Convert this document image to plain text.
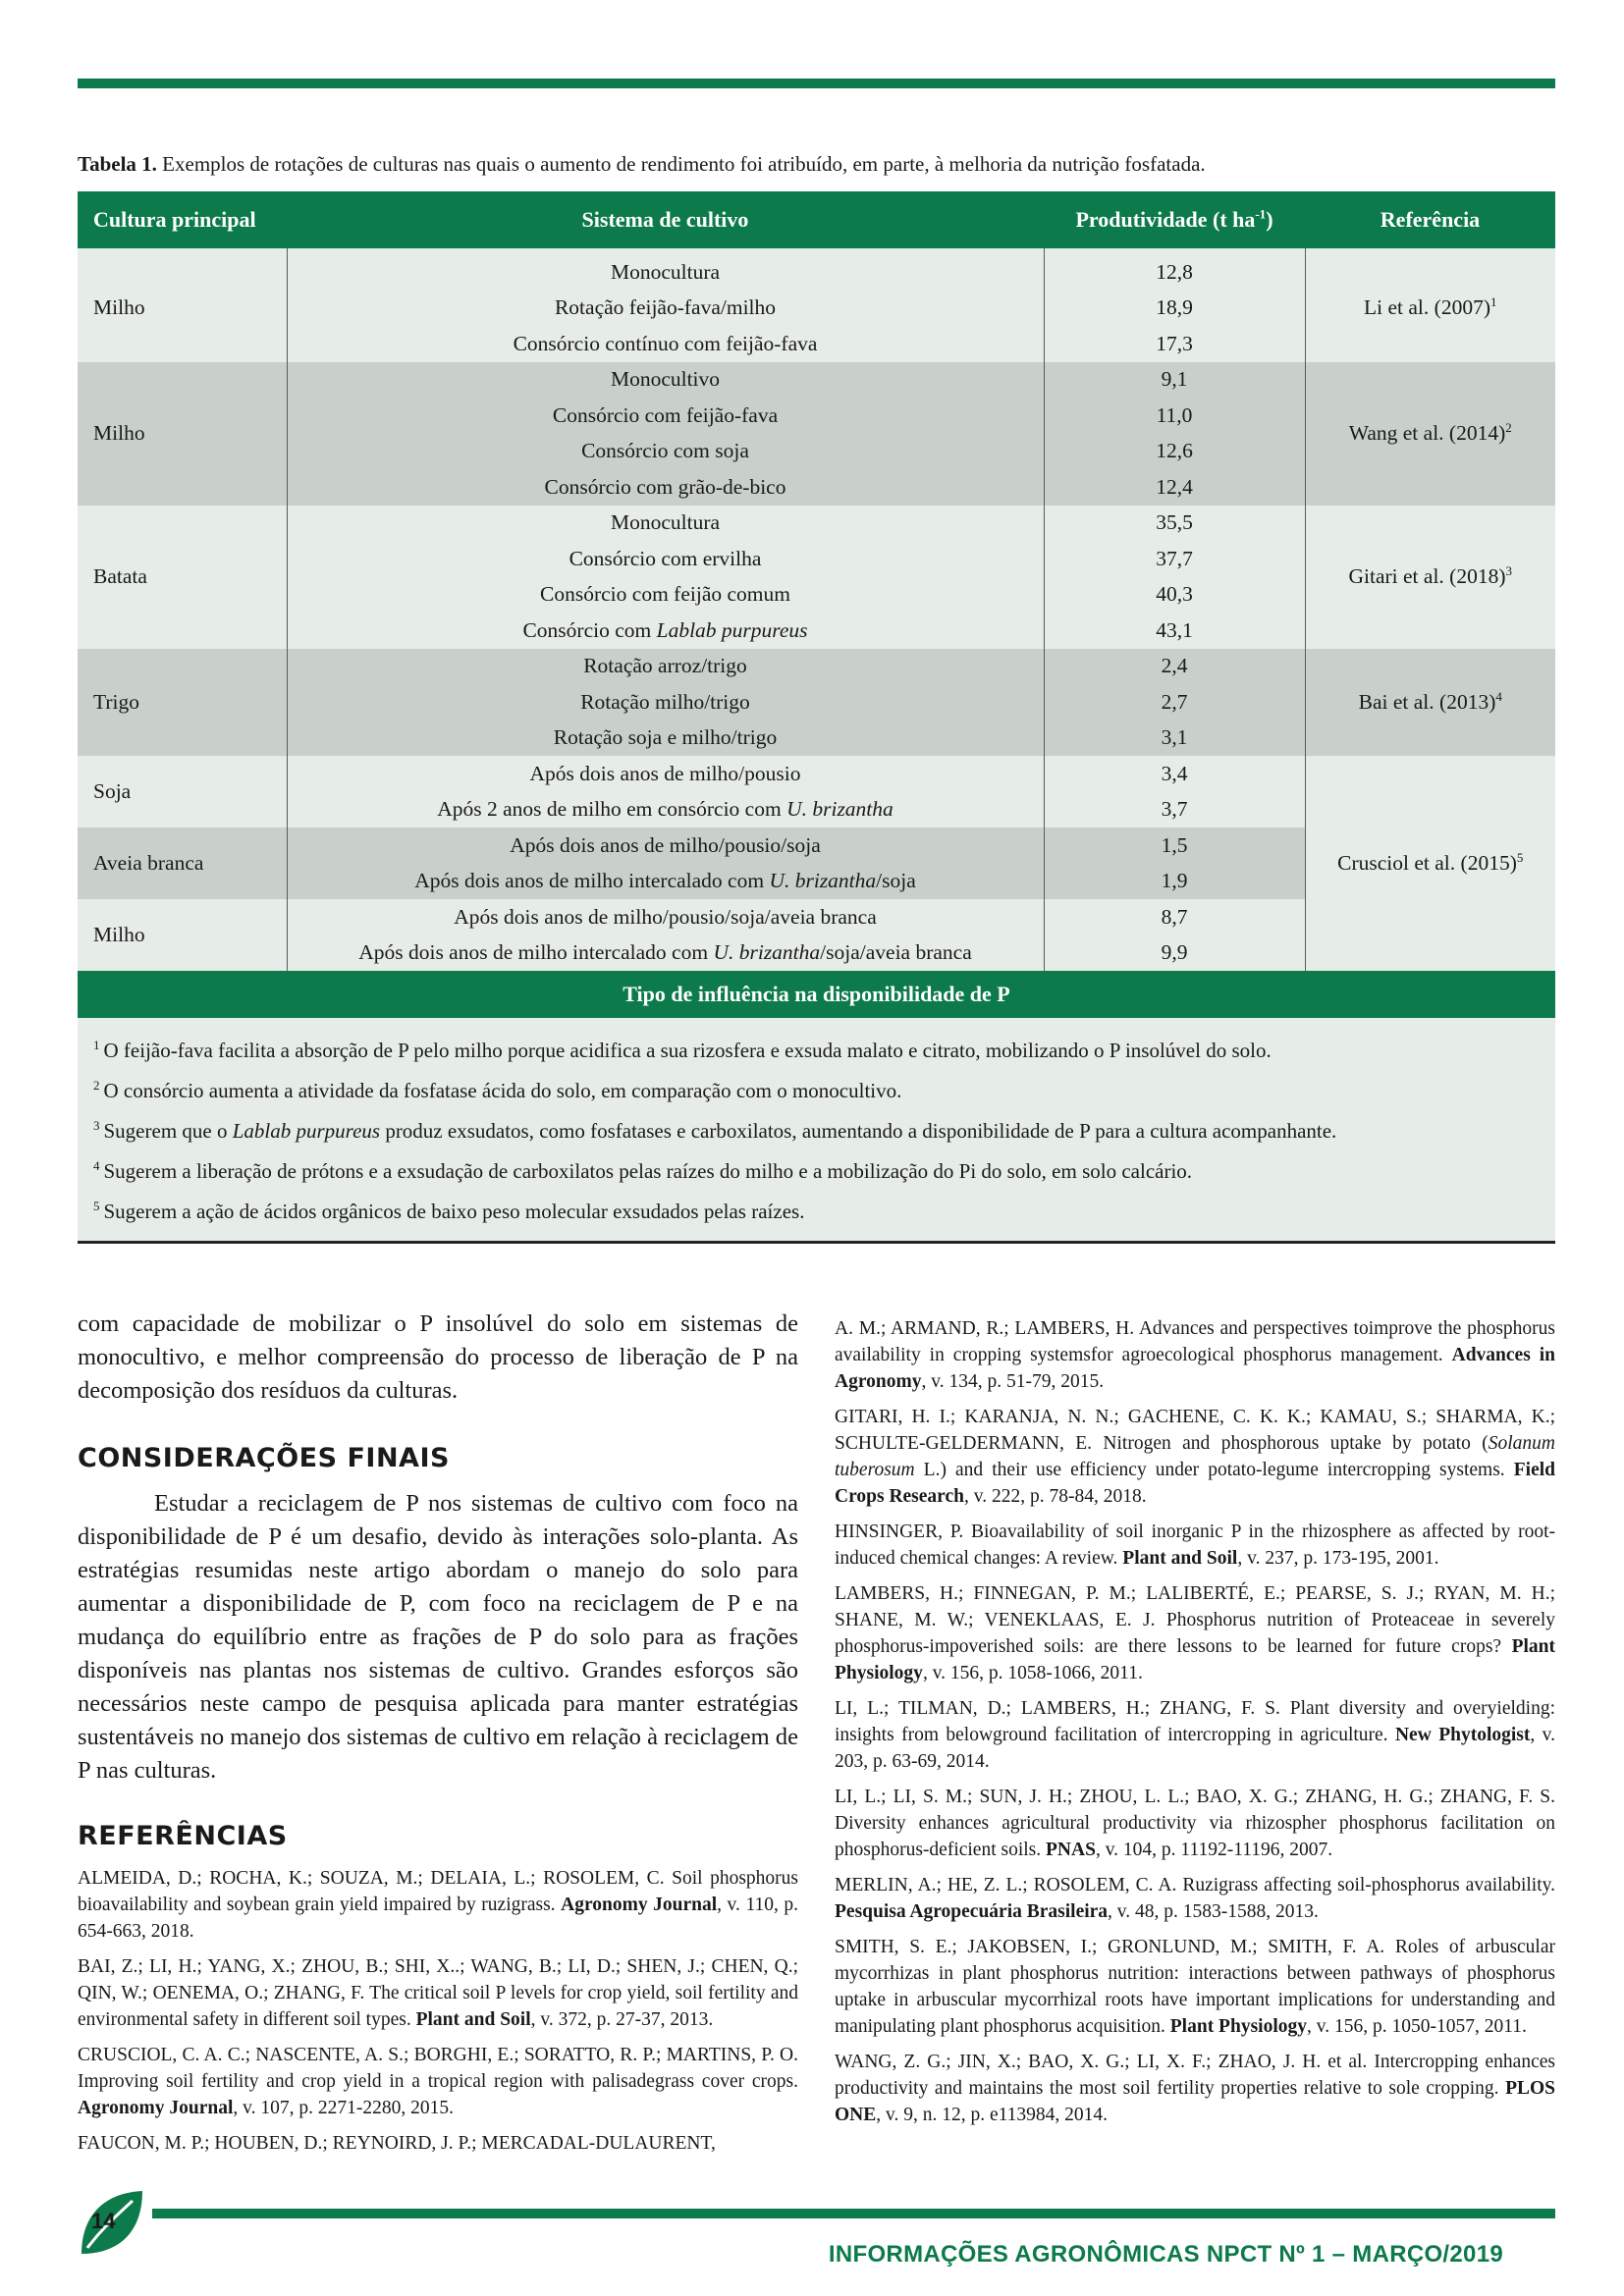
Tabela 1. Exemplos de rotações de culturas nas quais o aumento de rendimento foi atribuído, em parte, à melhoria da nutrição fosfatada.
Cultura principal	Sistema de cultivo	Produtividade (t ha$^{-1}$)	Referência
Milho	Monocultura	12,8	Li et al. (2007)$^1$
	Rotação feijão-fava/milho	18,9	
	Consórcio contínuo com feijão-fava	17,3	
Milho	Monocultivo	9,1	Wang et al. (2014)$^2$
	Consórcio com feijão-fava	11,0	
	Consórcio com soja	12,6	
	Consórcio com grão-de-bico	12,4	
Batata	Monocultura	35,5	Gitari et al. (2018)$^3$
	Consórcio com ervilha	37,7	
	Consórcio com feijão comum	40,3	
	Consórcio com Lablab purpureus	43,1	
Trigo	Rotação arroz/trigo	2,4	Bai et al. (2013)$^4$
	Rotação milho/trigo	2,7	
	Rotação soja e milho/trigo	3,1	
Soja	Após dois anos de milho/pousio	3,4	Crusciol et al. (2015)$^5$
	Após 2 anos de milho em consórcio com U. brizantha	3,7	
Aveia branca	Após dois anos de milho/pousio/soja	1,5	
	Após dois anos de milho intercalado com U. brizantha/soja	1,9	
Milho	Após dois anos de milho/pousio/soja/aveia branca	8,7	
	Após dois anos de milho intercalado com U. brizantha/soja/aveia branca	9,9	
Tipo de influência na disponibilidade de P
$^1$ O feijão-fava facilita a absorção de P pelo milho porque acidifica a sua rizosfera e exsuda malato e citrato, mobilizando o P insolúvel do solo.
$^2$ O consórcio aumenta a atividade da fosfatase ácida do solo, em comparação com o monocultivo.
$^3$ Sugerem que o Lablab purpureus produz exsudatos, como fosfatases e carboxilatos, aumentando a disponibilidade de P para a cultura acompanhante.
$^4$ Sugerem a liberação de prótons e a exsudação de carboxilatos pelas raízes do milho e a mobilização do Pi do solo, em solo calcário.
$^5$ Sugerem a ação de ácidos orgânicos de baixo peso molecular exsudados pelas raízes.

com capacidade de mobilizar o P insolúvel do solo em sistemas de monocultivo, e melhor compreensão do processo de liberação de P na decomposição dos resíduos da culturas.

CONSIDERAÇÕES FINAIS

Estudar a reciclagem de P nos sistemas de cultivo com foco na disponibilidade de P é um desafio, devido às interações solo-planta. As estratégias resumidas neste artigo abordam o manejo do solo para aumentar a disponibilidade de P, com foco na reciclagem de P e na mudança do equilíbrio entre as frações de P do solo para as frações disponíveis nas plantas nos sistemas de cultivo. Grandes esforços são necessários neste campo de pesquisa aplicada para manter estratégias sustentáveis no manejo dos sistemas de cultivo em relação à reciclagem de P nas culturas.

REFERÊNCIAS

ALMEIDA, D.; ROCHA, K.; SOUZA, M.; DELAIA, L.; ROSOLEM, C. Soil phosphorus bioavailability and soybean grain yield impaired by ruzigrass. Agronomy Journal, v. 110, p. 654-663, 2018.

BAI, Z.; LI, H.; YANG, X.; ZHOU, B.; SHI, X..; WANG, B.; LI, D.; SHEN, J.; CHEN, Q.; QIN, W.; OENEMA, O.; ZHANG, F. The critical soil P levels for crop yield, soil fertility and environmental safety in different soil types. Plant and Soil, v. 372, p. 27-37, 2013.

CRUSCIOL, C. A. C.; NASCENTE, A. S.; BORGHI, E.; SORATTO, R. P.; MARTINS, P. O. Improving soil fertility and crop yield in a tropical region with palisadegrass cover crops. Agronomy Journal, v. 107, p. 2271-2280, 2015.

FAUCON, M. P.; HOUBEN, D.; REYNOIRD, J. P.; MERCADAL-DULAURENT,

A. M.; ARMAND, R.; LAMBERS, H. Advances and perspectives toimprove the phosphorus availability in cropping systemsfor agroecological phosphorus management. Advances in Agronomy, v. 134, p. 51-79, 2015.

GITARI, H. I.; KARANJA, N. N.; GACHENE, C. K. K.; KAMAU, S.; SHARMA, K.; SCHULTE-GELDERMANN, E. Nitrogen and phosphorous uptake by potato (Solanum tuberosum L.) and their use efficiency under potato-legume intercropping systems. Field Crops Research, v. 222, p. 78-84, 2018.

HINSINGER, P. Bioavailability of soil inorganic P in the rhizosphere as affected by root-induced chemical changes: A review. Plant and Soil, v. 237, p. 173-195, 2001.

LAMBERS, H.; FINNEGAN, P. M.; LALIBERTÉ, E.; PEARSE, S. J.; RYAN, M. H.; SHANE, M. W.; VENEKLAAS, E. J. Phosphorus nutrition of Proteaceae in severely phosphorus-impoverished soils: are there lessons to be learned for future crops? Plant Physiology, v. 156, p. 1058-1066, 2011.

LI, L.; TILMAN, D.; LAMBERS, H.; ZHANG, F. S. Plant diversity and overyielding: insights from belowground facilitation of intercropping in agriculture. New Phytologist, v. 203, p. 63-69, 2014.

LI, L.; LI, S. M.; SUN, J. H.; ZHOU, L. L.; BAO, X. G.; ZHANG, H. G.; ZHANG, F. S. Diversity enhances agricultural productivity via rhizospher phosphorus facilitation on phosphorus-deficient soils. PNAS, v. 104, p. 11192-11196, 2007.

MERLIN, A.; HE, Z. L.; ROSOLEM, C. A. Ruzigrass affecting soil-phosphorus availability. Pesquisa Agropecuária Brasileira, v. 48, p. 1583-1588, 2013.

SMITH, S. E.; JAKOBSEN, I.; GRONLUND, M.; SMITH, F. A. Roles of arbuscular mycorrhizas in plant phosphorus nutrition: interactions between pathways of phosphorus uptake in arbuscular mycorrhizal roots have important implications for understanding and manipulating plant phosphorus acquisition. Plant Physiology, v. 156, p. 1050-1057, 2011.

WANG, Z. G.; JIN, X.; BAO, X. G.; LI, X. F.; ZHAO, J. H. et al. Intercropping enhances productivity and maintains the most soil fertility properties relative to sole cropping. PLOS ONE, v. 9, n. 12, p. e113984, 2014.

14
INFORMAÇÕES AGRONÔMICAS NPCT Nº 1 – MARÇO/2019
